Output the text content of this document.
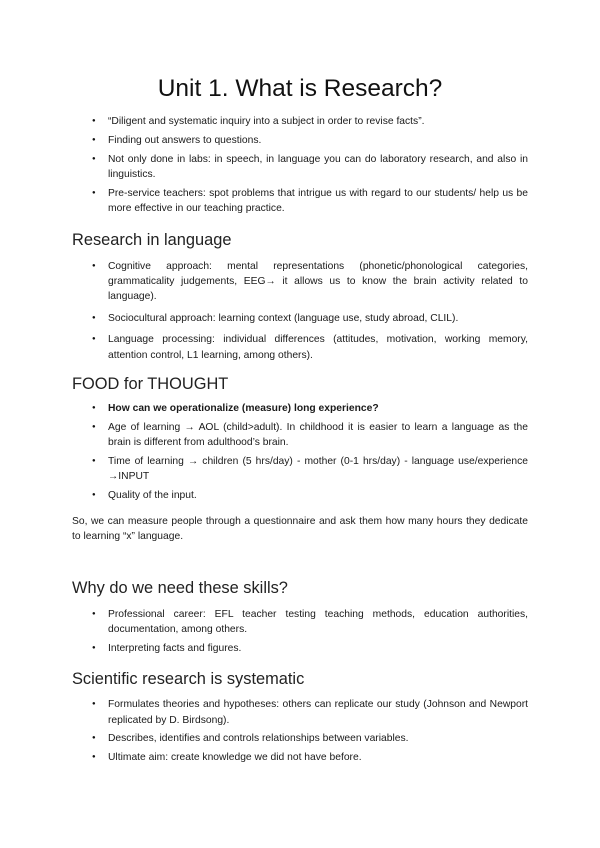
Unit 1. What is Research?
● “Diligent and systematic inquiry into a subject in order to revise facts”.
● Finding out answers to questions.
● Not only done in labs: in speech, in language you can do laboratory research, and also in linguistics.
● Pre-service teachers: spot problems that intrigue us with regard to our students/ help us be more effective in our teaching practice.
Research in language
● Cognitive approach: mental representations (phonetic/phonological categories, grammaticality judgements, EEG→ it allows us to know the brain activity related to language).
● Sociocultural approach: learning context (language use, study abroad, CLIL).
● Language processing: individual differences (attitudes, motivation, working memory, attention control, L1 learning, among others).
FOOD for THOUGHT
● How can we operationalize (measure) long experience?
● Age of learning → AOL (child>adult). In childhood it is easier to learn a language as the brain is different from adulthood’s brain.
● Time of learning → children (5 hrs/day) - mother (0-1 hrs/day) - language use/experience →INPUT
● Quality of the input.

So, we can measure people through a questionnaire and ask them how many hours they dedicate to learning “x” language.

Why do we need these skills?
● Professional career: EFL teacher testing teaching methods, education authorities, documentation, among others.
● Interpreting facts and figures.
Scientific research is systematic
● Formulates theories and hypotheses: others can replicate our study (Johnson and Newport replicated by D. Birdsong).
● Describes, identifies and controls relationships between variables.
● Ultimate aim: create knowledge we did not have before.
